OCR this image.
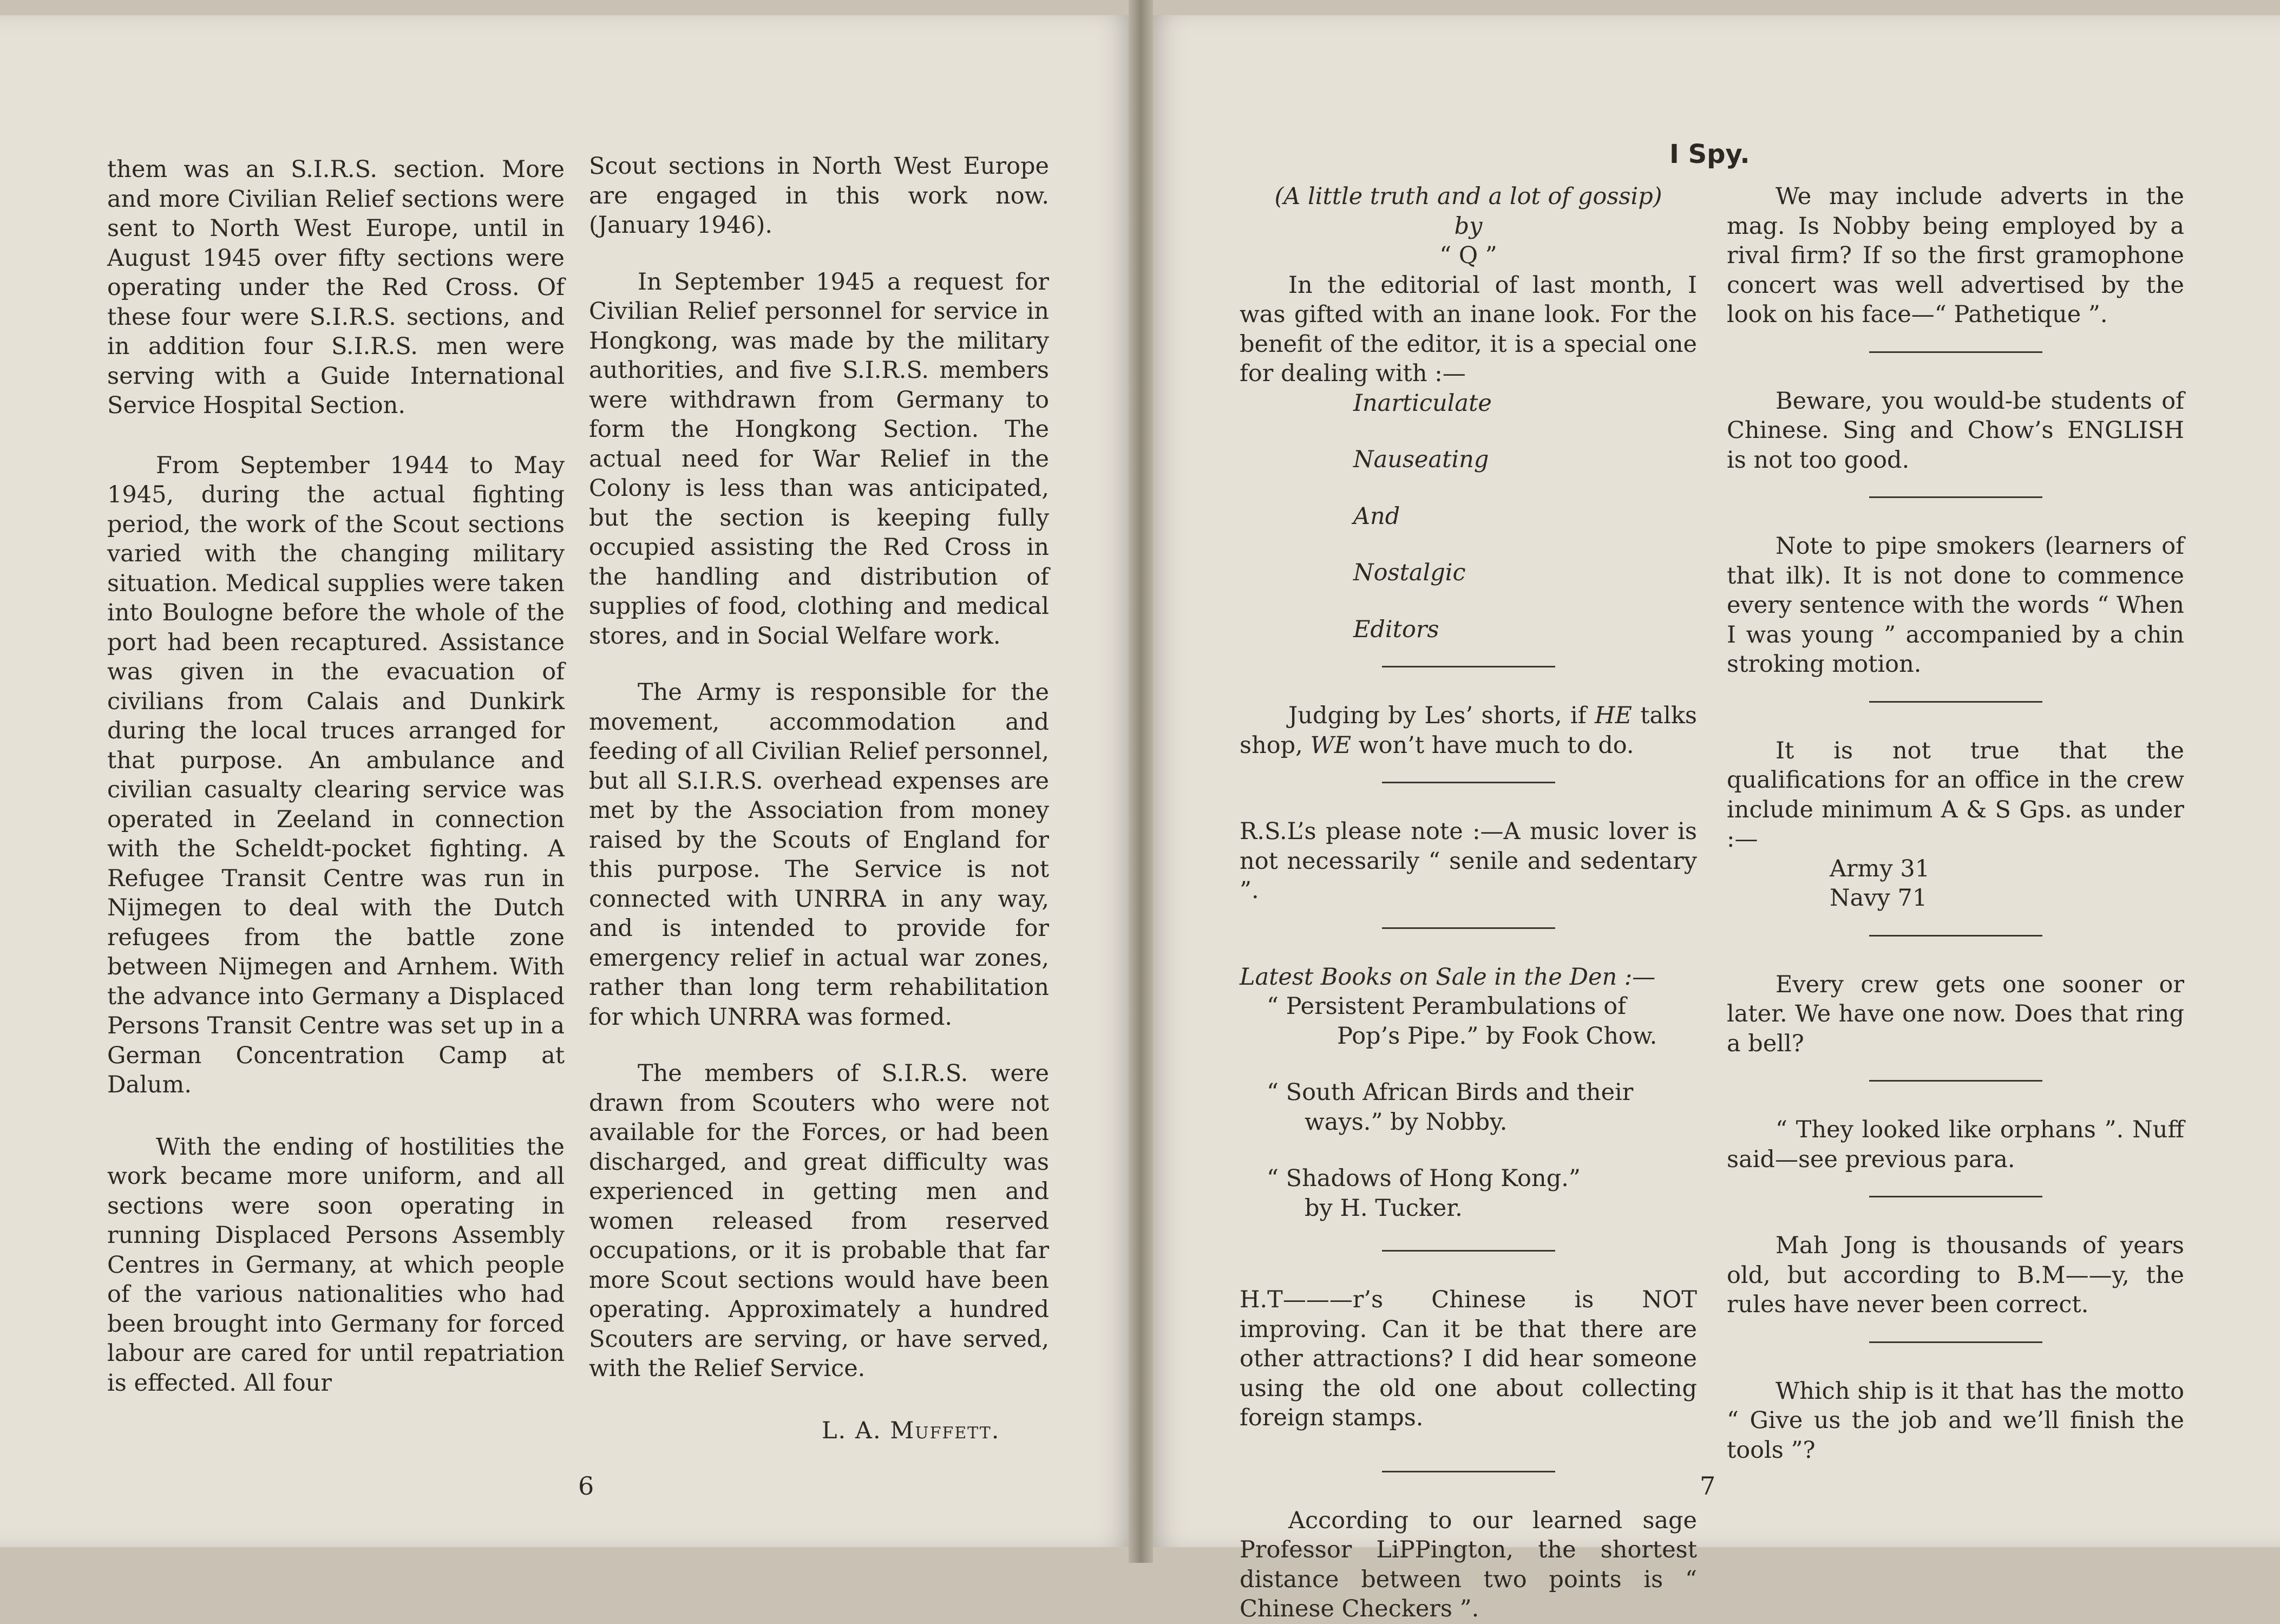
them was an S.I.R.S. section. More and more Civilian Relief sections were sent to North West Europe, until in August 1945 over fifty sections were operating under the Red Cross. Of these four were S.I.R.S. sections, and in addition four S.I.R.S. men were serving with a Guide International Service Hospital Section.

From September 1944 to May 1945, during the actual fighting period, the work of the Scout sections varied with the changing military situation. Medical supplies were taken into Boulogne before the whole of the port had been recaptured. Assistance was given in the evacuation of civilians from Calais and Dunkirk during the local truces arranged for that purpose. An ambulance and civilian casualty clearing service was operated in Zeeland in connection with the Scheldt-pocket fighting. A Refugee Transit Centre was run in Nijmegen to deal with the Dutch refugees from the battle zone between Nijmegen and Arnhem. With the advance into Germany a Displaced Persons Transit Centre was set up in a German Concentration Camp at Dalum.

With the ending of hostilities the work became more uniform, and all sections were soon operating in running Displaced Persons Assembly Centres in Germany, at which people of the various nationalities who had been brought into Germany for forced labour are cared for until repatriation is effected. All four

Scout sections in North West Europe are engaged in this work now. (January 1946).

In September 1945 a request for Civilian Relief personnel for service in Hongkong, was made by the military authorities, and five S.I.R.S. members were withdrawn from Germany to form the Hongkong Section. The actual need for War Relief in the Colony is less than was anticipated, but the section is keeping fully occupied assisting the Red Cross in the handling and distribution of supplies of food, clothing and medical stores, and in Social Welfare work.

The Army is responsible for the movement, accommodation and feeding of all Civilian Relief personnel, but all S.I.R.S. overhead expenses are met by the Association from money raised by the Scouts of England for this purpose. The Service is not connected with UNRRA in any way, and is intended to provide for emergency relief in actual war zones, rather than long term rehabilitation for which UNRRA was formed.

The members of S.I.R.S. were drawn from Scouters who were not available for the Forces, or had been discharged, and great difficulty was experienced in getting men and women released from reserved occupations, or it is probable that far more Scout sections would have been operating. Approximately a hundred Scouters are serving, or have served, with the Relief Service.

L. A. Muffett.

6
I Spy.

(A little truth and a lot of gossip)

by

“ Q ”

In the editorial of last month, I was gifted with an inane look. For the benefit of the editor, it is a special one for dealing with :—

Inarticulate

Nauseating

And

Nostalgic

Editors

Judging by Les’ shorts, if HE talks shop, WE won’t have much to do.

R.S.L’s please note :—A music lover is not necessarily “ senile and sedentary ”.

Latest Books on Sale in the Den :—

“ Persistent Perambulations of
Pop’s Pipe.” by Fook Chow.

“ South African Birds and their
ways.” by Nobby.

“ Shadows of Hong Kong.”
by H. Tucker.

H.T———r’s Chinese is NOT improving. Can it be that there are other attractions? I did hear someone using the old one about collecting foreign stamps.

According to our learned sage Professor LiPPington, the shortest distance between two points is “ Chinese Checkers ”.

We may include adverts in the mag. Is Nobby being employed by a rival firm? If so the first gramophone concert was well advertised by the look on his face—“ Pathetique ”.

Beware, you would-be students of Chinese. Sing and Chow’s ENGLISH is not too good.

Note to pipe smokers (learners of that ilk). It is not done to commence every sentence with the words “ When I was young ” accompanied by a chin stroking motion.

It is not true that the qualifications for an office in the crew include minimum A & S Gps. as under :—

Army 31

Navy 71

Every crew gets one sooner or later. We have one now. Does that ring a bell?

“ They looked like orphans ”. Nuff said—see previous para.

Mah Jong is thousands of years old, but according to B.M——y, the rules have never been correct.

Which ship is it that has the motto “ Give us the job and we’ll finish the tools ”?

7
